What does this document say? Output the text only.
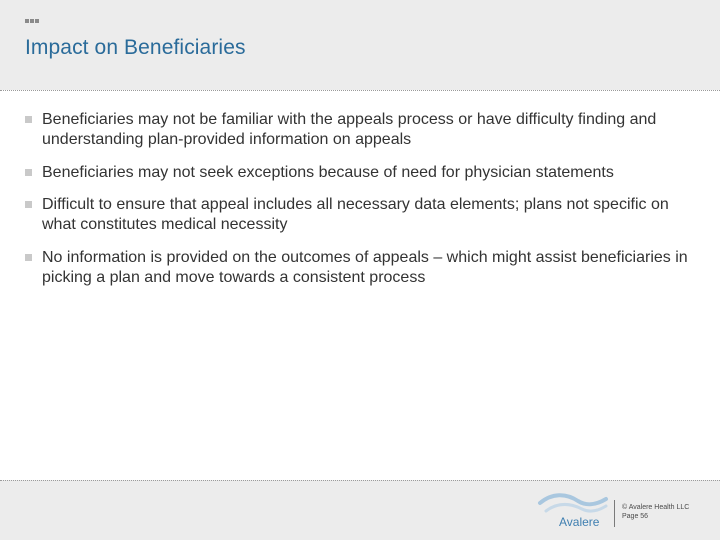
Impact on Beneficiaries
Beneficiaries may not be familiar with the appeals process or have difficulty finding and understanding plan-provided information on appeals
Beneficiaries may not seek exceptions because of need for physician statements
Difficult to ensure that appeal includes all necessary data elements; plans not specific on what constitutes medical necessity
No information is provided on the outcomes of appeals – which might assist beneficiaries in picking a plan and move towards a consistent process
Avalere
© Avalere Health LLC
Page 56
